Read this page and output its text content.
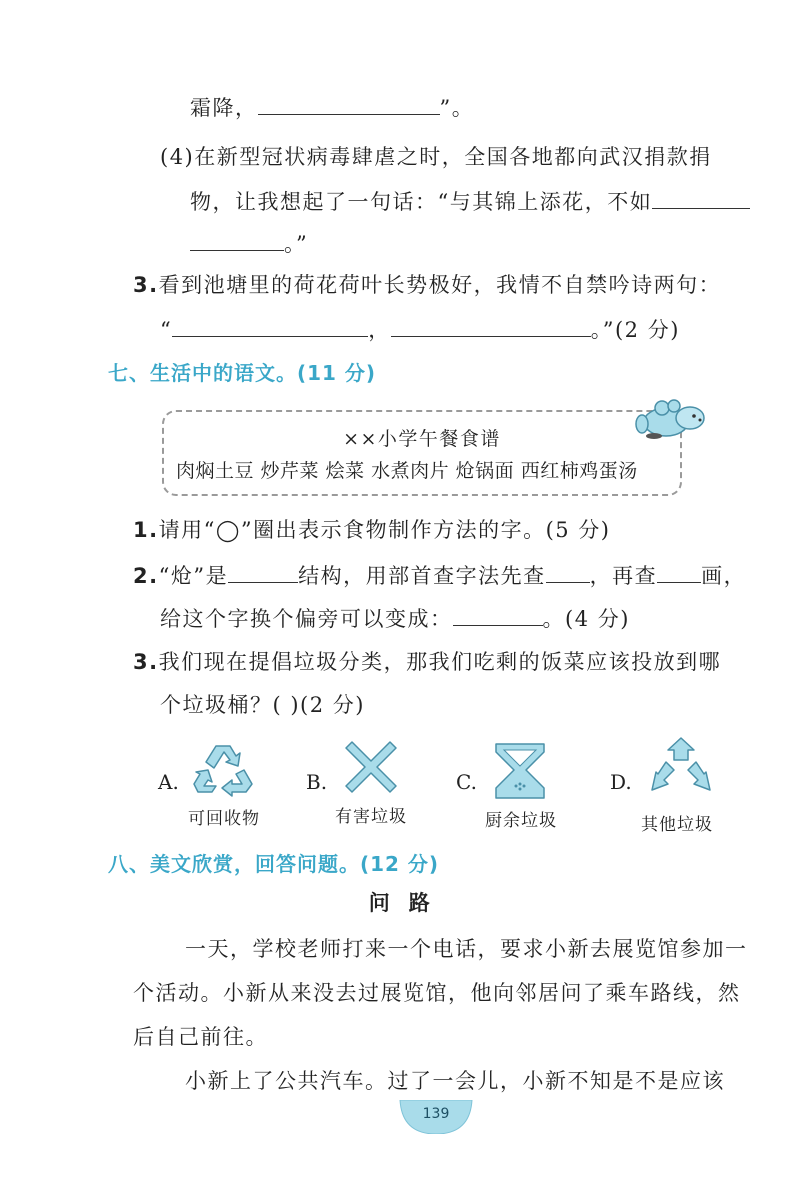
霜降，	”。
(4)在新型冠状病毒肆虐之时，全国各地都向武汉捐款捐
物，让我想起了一句话：“与其锦上添花，不如
。”
3.看到池塘里的荷花荷叶长势极好，我情不自禁吟诗两句：
“	，	。”(2 分)
七、生活中的语文。(11 分)
××小学午餐食谱
肉焖土豆 炒芹菜 烩菜 水煮肉片 炝锅面 西红柿鸡蛋汤
1.请用“◯”圈出表示食物制作方法的字。(5 分)
2.“炝”是	结构，用部首查字法先查 ，再查 画，
给这个字换个偏旁可以变成：	。(4 分)
3.我们现在提倡垃圾分类，那我们吃剩的饭菜应该投放到哪
个垃圾桶？( )(2 分)
A.
可回收物
B.
有害垃圾
C.
厨余垃圾
D.
其他垃圾
八、美文欣赏，回答问题。(12 分)
问  路
一天，学校老师打来一个电话，要求小新去展览馆参加一
个活动。小新从来没去过展览馆，他向邻居问了乘车路线，然
后自己前往。
小新上了公共汽车。过了一会儿，小新不知是不是应该
139
